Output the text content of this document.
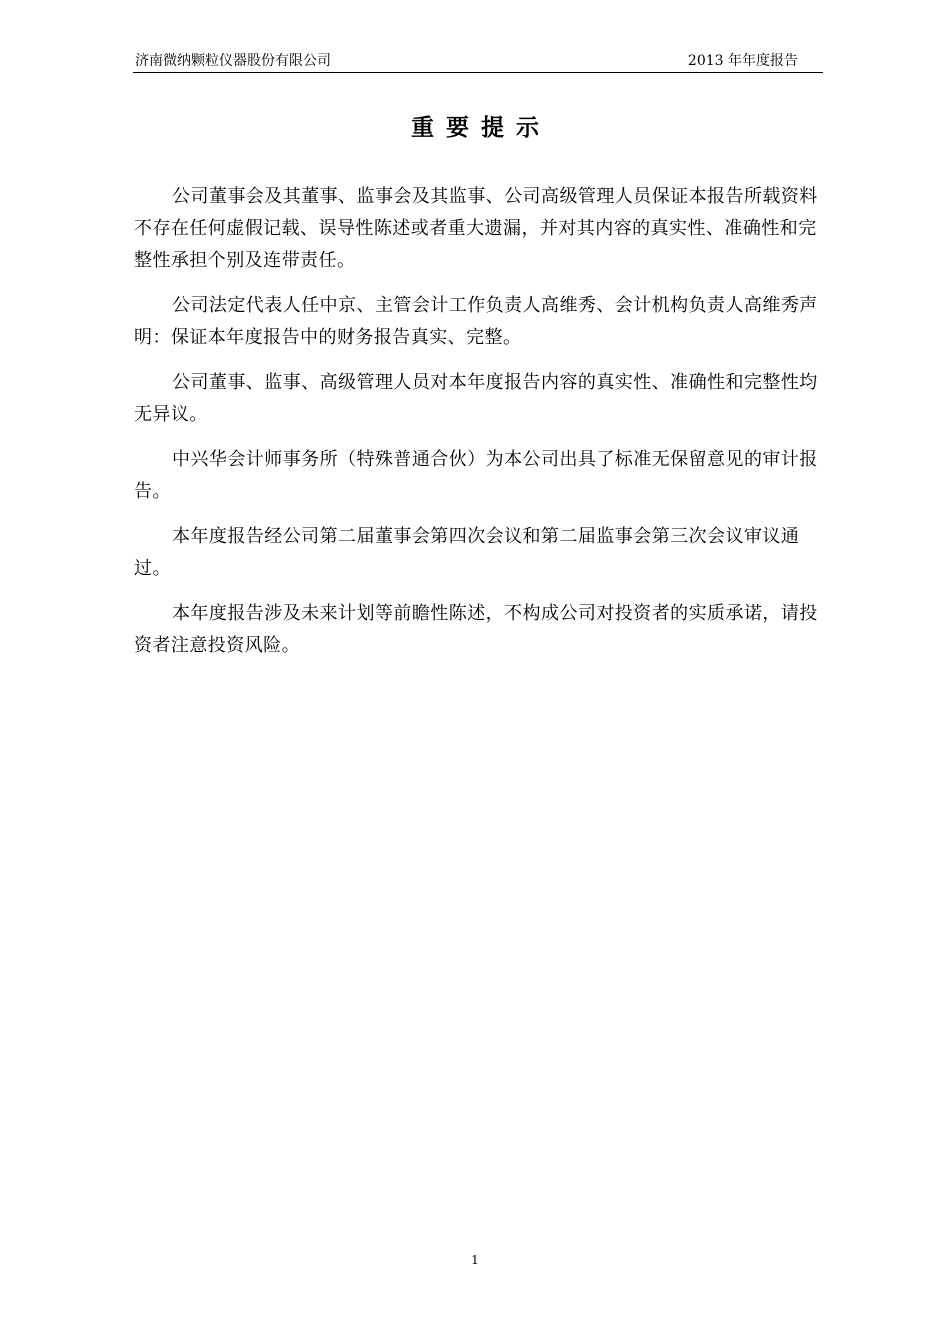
济南微纳颗粒仪器股份有限公司	2013 年年度报告
重要提示

公司董事会及其董事、监事会及其监事、公司高级管理人员保证本报告所载资料不存在任何虚假记载、误导性陈述或者重大遗漏，并对其内容的真实性、准确性和完整性承担个别及连带责任。

公司法定代表人任中京、主管会计工作负责人高维秀、会计机构负责人高维秀声明：保证本年度报告中的财务报告真实、完整。

公司董事、监事、高级管理人员对本年度报告内容的真实性、准确性和完整性均无异议。

中兴华会计师事务所（特殊普通合伙）为本公司出具了标准无保留意见的审计报告。

本年度报告经公司第二届董事会第四次会议和第二届监事会第三次会议审议通过。

本年度报告涉及未来计划等前瞻性陈述，不构成公司对投资者的实质承诺，请投资者注意投资风险。

1
